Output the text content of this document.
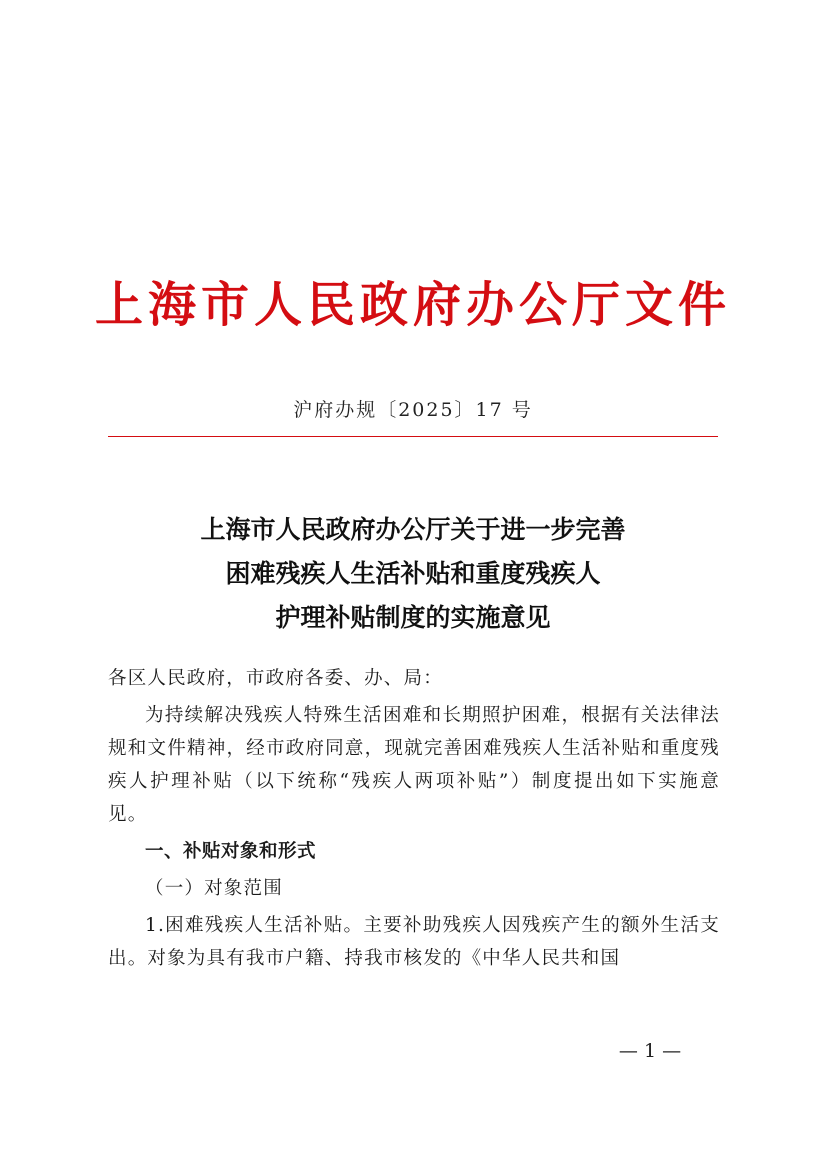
上海市人民政府办公厅文件
沪府办规〔2025〕17 号
上海市人民政府办公厅关于进一步完善
困难残疾人生活补贴和重度残疾人
护理补贴制度的实施意见

各区人民政府，市政府各委、办、局：

为持续解决残疾人特殊生活困难和长期照护困难，根据有关法律法规和文件精神，经市政府同意，现就完善困难残疾人生活补贴和重度残疾人护理补贴（以下统称“残疾人两项补贴”）制度提出如下实施意见。

一、补贴对象和形式

（一）对象范围

1.困难残疾人生活补贴。主要补助残疾人因残疾产生的额外生活支出。对象为具有我市户籍、持我市核发的《中华人民共和国

— 1 —
